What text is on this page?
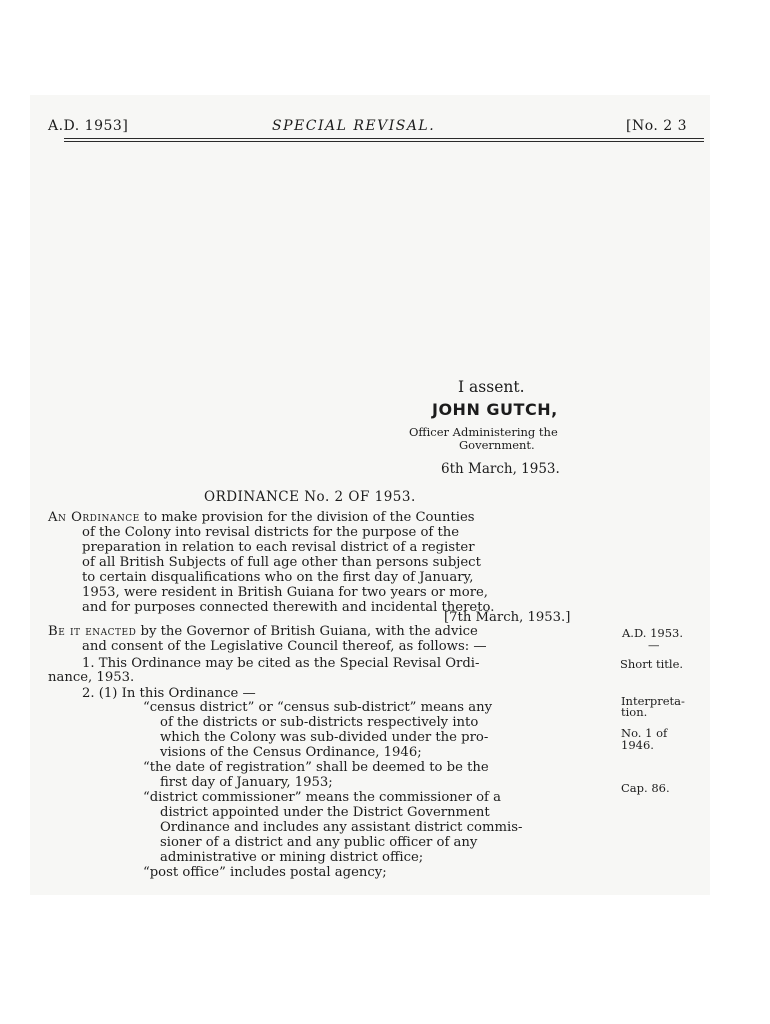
A.D. 1953]	SPECIAL REVISAL.	[No. 2 3
I assent.
JOHN GUTCH,
Officer Administering the
Government.
6th March, 1953.
ORDINANCE No. 2 OF 1953.
An Ordinance to make provision for the division of the Counties
of the Colony into revisal districts for the purpose of the
preparation in relation to each revisal district of a register
of all British Subjects of full age other than persons subject
to certain disqualifications who on the first day of January,
1953, were resident in British Guiana for two years or more,
and for purposes connected therewith and incidental thereto.
[7th March, 1953.]
Be it enacted by the Governor of British Guiana, with the advice
and consent of the Legislative Council thereof, as follows: —
1. This Ordinance may be cited as the Special Revisal Ordi-
nance, 1953.
2. (1) In this Ordinance —
“census district” or “census sub-district” means any
of the districts or sub-districts respectively into
which the Colony was sub-divided under the pro-
visions of the Census Ordinance, 1946;
“the date of registration” shall be deemed to be the
first day of January, 1953;
“district commissioner” means the commissioner of a
district appointed under the District Government
Ordinance and includes any assistant district commis-
sioner of a district and any public officer of any
administrative or mining district office;
“post office” includes postal agency;
A.D. 1953.
—
Short title.
Interpreta-
tion.
No. 1 of
1946.
Cap. 86.
